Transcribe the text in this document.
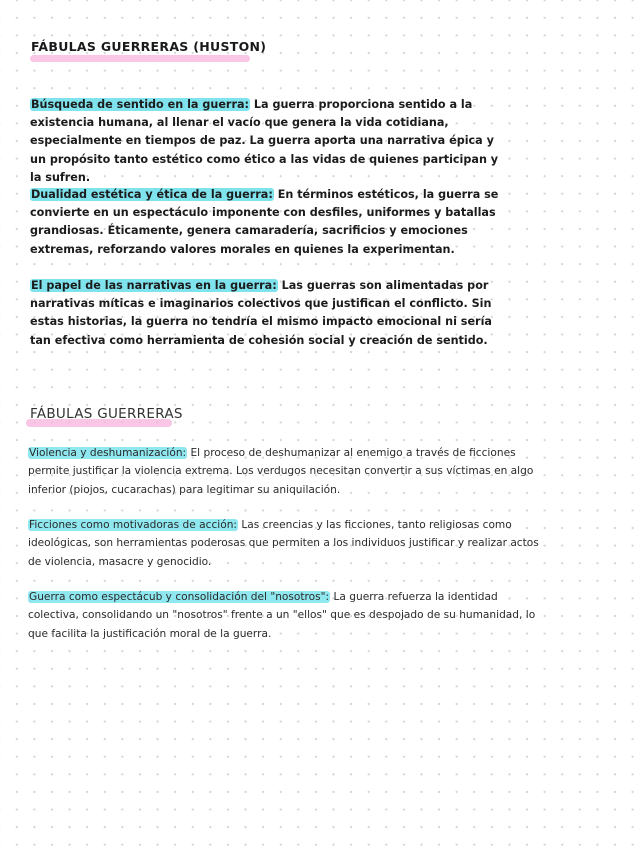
FÁBULAS GUERRERAS (HUSTON)

Búsqueda de sentido en la guerra: La guerra proporciona sentido a la existencia humana, al llenar el vacío que genera la vida cotidiana, especialmente en tiempos de paz. La guerra aporta una narrativa épica y un propósito tanto estético como ético a las vidas de quienes participan y la sufren.

Dualidad estética y ética de la guerra: En términos estéticos, la guerra se convierte en un espectáculo imponente con desfiles, uniformes y batallas grandiosas. Éticamente, genera camaradería, sacrificios y emociones extremas, reforzando valores morales en quienes la experimentan.

El papel de las narrativas en la guerra: Las guerras son alimentadas por narrativas míticas e imaginarios colectivos que justifican el conflicto. Sin estas historias, la guerra no tendría el mismo impacto emocional ni sería tan efectiva como herramienta de cohesión social y creación de sentido.

FÁBULAS GUERRERAS

Violencia y deshumanización: El proceso de deshumanizar al enemigo a través de ficciones permite justificar la violencia extrema. Los verdugos necesitan convertir a sus víctimas en algo inferior (piojos, cucarachas) para legitimar su aniquilación.

Ficciones como motivadoras de acción: Las creencias y las ficciones, tanto religiosas como ideológicas, son herramientas poderosas que permiten a los individuos justificar y realizar actos de violencia, masacre y genocidio.

Guerra como espectácub y consolidación del "nosotros": La guerra refuerza la identidad colectiva, consolidando un "nosotros" frente a un "ellos" que es despojado de su humanidad, lo que facilita la justificación moral de la guerra.
